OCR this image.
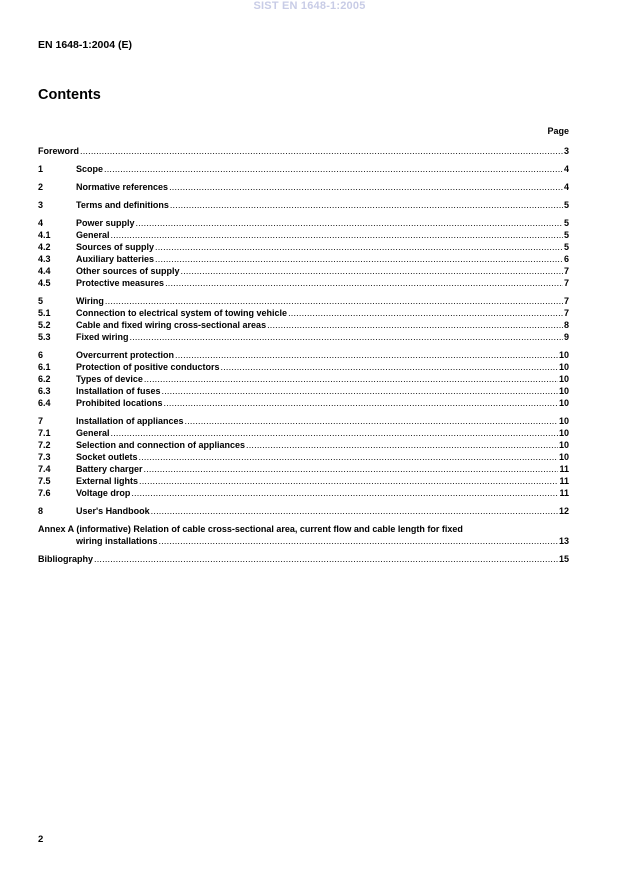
SIST EN 1648-1:2005
EN 1648-1:2004 (E)
Contents
Page
Foreword .....	3
1	Scope .....	4
2	Normative references .....	4
3	Terms and definitions .....	5
4	Power supply .....	5
4.1	General .....	5
4.2	Sources of supply .....	5
4.3	Auxiliary batteries .....	6
4.4	Other sources of supply .....	7
4.5	Protective measures .....	7
5	Wiring .....	7
5.1	Connection to electrical system of towing vehicle .....	7
5.2	Cable and fixed wiring cross-sectional areas .....	8
5.3	Fixed wiring .....	9
6	Overcurrent protection .....	10
6.1	Protection of positive conductors .....	10
6.2	Types of device .....	10
6.3	Installation of fuses .....	10
6.4	Prohibited locations .....	10
7	Installation of appliances .....	10
7.1	General .....	10
7.2	Selection and connection of appliances .....	10
7.3	Socket outlets .....	10
7.4	Battery charger .....	11
7.5	External lights .....	11
7.6	Voltage drop .....	11
8	User's Handbook .....	12
Annex A (informative) Relation of cable cross-sectional area, current flow and cable length for fixed
wiring installations .....	13
Bibliography .....	15
2
